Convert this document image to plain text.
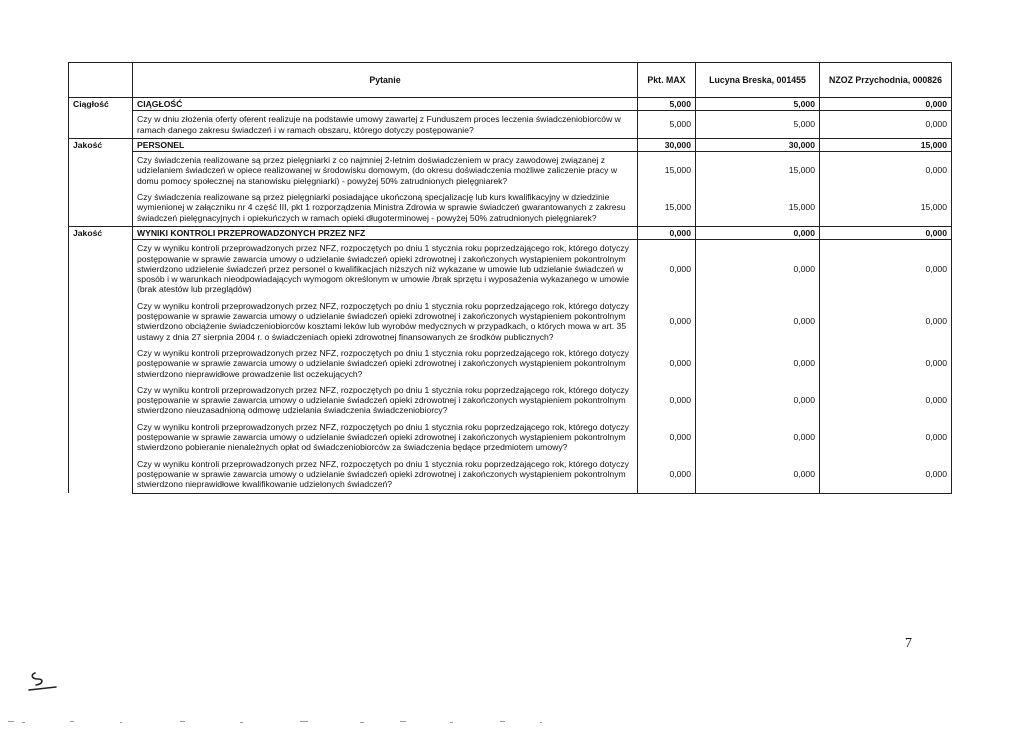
	Pytanie	Pkt. MAX	Lucyna Breska, 001455	NZOZ Przychodnia, 000826
Ciągłość	CIĄGŁOŚĆ	5,000	5,000	0,000
	Czy w dniu złożenia oferty oferent realizuje na podstawie umowy zawartej z Funduszem proces leczenia świadczeniobiorców w ramach danego zakresu świadczeń i w ramach obszaru, którego dotyczy postępowanie?	5,000	5,000	0,000
Jakość	PERSONEL	30,000	30,000	15,000
	Czy świadczenia realizowane są przez pielęgniarki z co najmniej 2-letnim doświadczeniem w pracy zawodowej związanej z udzielaniem świadczeń w opiece realizowanej w środowisku domowym, (do okresu doświadczenia możliwe zaliczenie pracy w domu pomocy społecznej na stanowisku pielęgniarki) - powyżej 50% zatrudnionych pielęgniarek?	15,000	15,000	0,000
	Czy świadczenia realizowane są przez pielęgniarki posiadające ukończoną specjalizację lub kurs kwalifikacyjny w dziedzinie wymienionej w załączniku nr 4 część III, pkt 1 rozporządzenia Ministra Zdrowia w sprawie świadczeń gwarantowanych z zakresu świadczeń pielęgnacyjnych i opiekuńczych w ramach opieki długoterminowej - powyżej 50% zatrudnionych pielęgniarek?	15,000	15,000	15,000
Jakość	WYNIKI KONTROLI PRZEPROWADZONYCH PRZEZ NFZ	0,000	0,000	0,000
	Czy w wyniku kontroli przeprowadzonych przez NFZ, rozpoczętych po dniu 1 stycznia roku poprzedzającego rok, którego dotyczy postępowanie w sprawie zawarcia umowy o udzielanie świadczeń opieki zdrowotnej i zakończonych wystąpieniem pokontrolnym stwierdzono udzielenie świadczeń przez personel o kwalifikacjach niższych niż wykazane w umowie lub udzielanie świadczeń w sposób i w warunkach nieodpowiadających wymogom określonym w umowie /brak sprzętu i wyposażenia wykazanego w umowie (brak atestów lub przeglądów)	0,000	0,000	0,000
	Czy w wyniku kontroli przeprowadzonych przez NFZ, rozpoczętych po dniu 1 stycznia roku poprzedzającego rok, którego dotyczy postępowanie w sprawie zawarcia umowy o udzielanie świadczeń opieki zdrowotnej i zakończonych wystąpieniem pokontrolnym stwierdzono obciążenie świadczeniobiorców kosztami leków lub wyrobów medycznych w przypadkach, o których mowa w art. 35 ustawy z dnia 27 sierpnia 2004 r. o świadczeniach opieki zdrowotnej finansowanych ze środków publicznych?	0,000	0,000	0,000
	Czy w wyniku kontroli przeprowadzonych przez NFZ, rozpoczętych po dniu 1 stycznia roku poprzedzającego rok, którego dotyczy postępowanie w sprawie zawarcia umowy o udzielanie świadczeń opieki zdrowotnej i zakończonych wystąpieniem pokontrolnym stwierdzono nieprawidłowe prowadzenie list oczekujących?	0,000	0,000	0,000
	Czy w wyniku kontroli przeprowadzonych przez NFZ, rozpoczętych po dniu 1 stycznia roku poprzedzającego rok, którego dotyczy postępowanie w sprawie zawarcia umowy o udzielanie świadczeń opieki zdrowotnej i zakończonych wystąpieniem pokontrolnym stwierdzono nieuzasadnioną odmowę udzielania świadczenia świadczeniobiorcy?	0,000	0,000	0,000
	Czy w wyniku kontroli przeprowadzonych przez NFZ, rozpoczętych po dniu 1 stycznia roku poprzedzającego rok, którego dotyczy postępowanie w sprawie zawarcia umowy o udzielanie świadczeń opieki zdrowotnej i zakończonych wystąpieniem pokontrolnym stwierdzono pobieranie nienależnych opłat od świadczeniobiorców za świadczenia będące przedmiotem umowy?	0,000	0,000	0,000
	Czy w wyniku kontroli przeprowadzonych przez NFZ, rozpoczętych po dniu 1 stycznia roku poprzedzającego rok, którego dotyczy postępowanie w sprawie zawarcia umowy o udzielanie świadczeń opieki zdrowotnej i zakończonych wystąpieniem pokontrolnym stwierdzono nieprawidłowe kwalifikowanie udzielonych świadczeń?	0,000	0,000	0,000
7
